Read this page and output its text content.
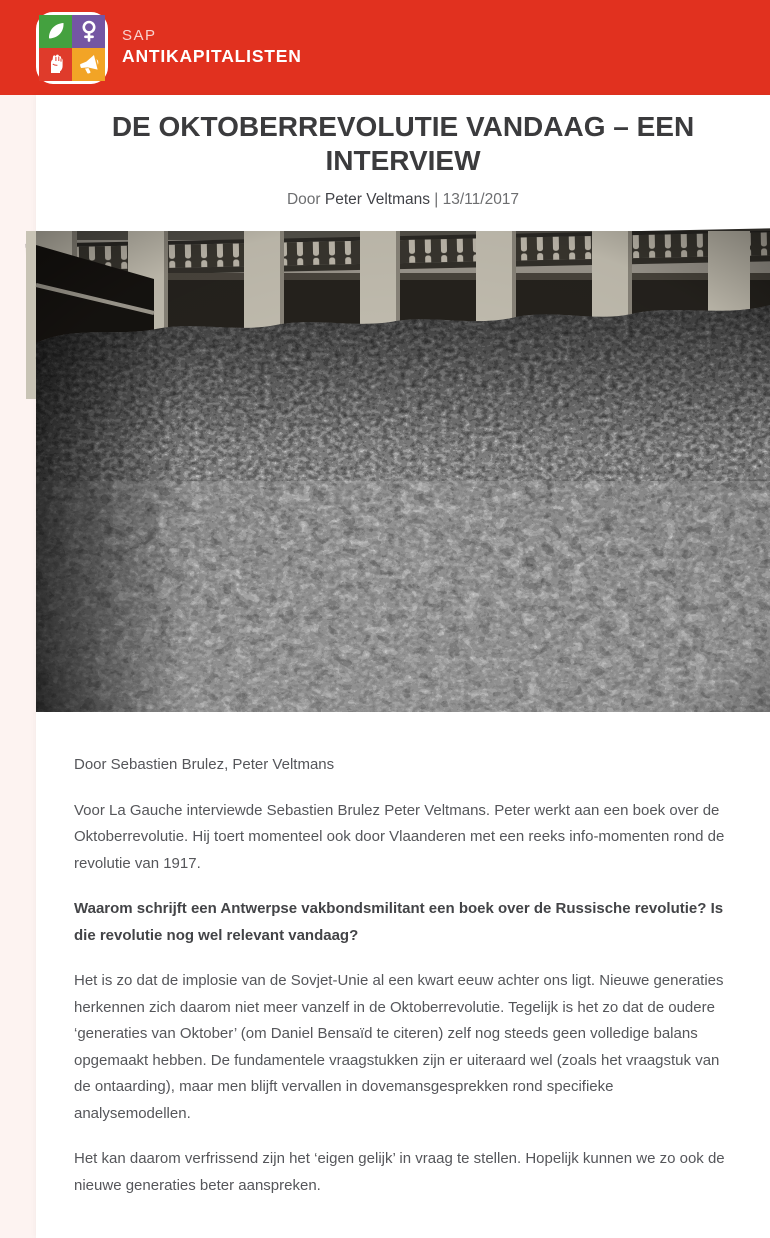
SAP
ANTIKAPITALISTEN
DE OKTOBERREVOLUTIE VANDAAG – EEN INTERVIEW
Door Peter Veltmans | 13/11/2017

Door Sebastien Brulez, Peter Veltmans

Voor La Gauche interviewde Sebastien Brulez Peter Veltmans. Peter werkt aan een boek over de Oktoberrevolutie. Hij toert momenteel ook door Vlaanderen met een reeks info-momenten rond de revolutie van 1917.

Waarom schrijft een Antwerpse vakbondsmilitant een boek over de Russische revolutie? Is die revolutie nog wel relevant vandaag?

Het is zo dat de implosie van de Sovjet-Unie al een kwart eeuw achter ons ligt. Nieuwe generaties herkennen zich daarom niet meer vanzelf in de Oktoberrevolutie. Tegelijk is het zo dat de oudere ‘generaties van Oktober’ (om Daniel Bensaïd te citeren) zelf nog steeds geen volledige balans opgemaakt hebben. De fundamentele vraagstukken zijn er uiteraard wel (zoals het vraagstuk van de ontaarding), maar men blijft vervallen in dovemansgesprekken rond specifieke analysemodellen.

Het kan daarom verfrissend zijn het ‘eigen gelijk’ in vraag te stellen. Hopelijk kunnen we zo ook de nieuwe generaties beter aanspreken.
